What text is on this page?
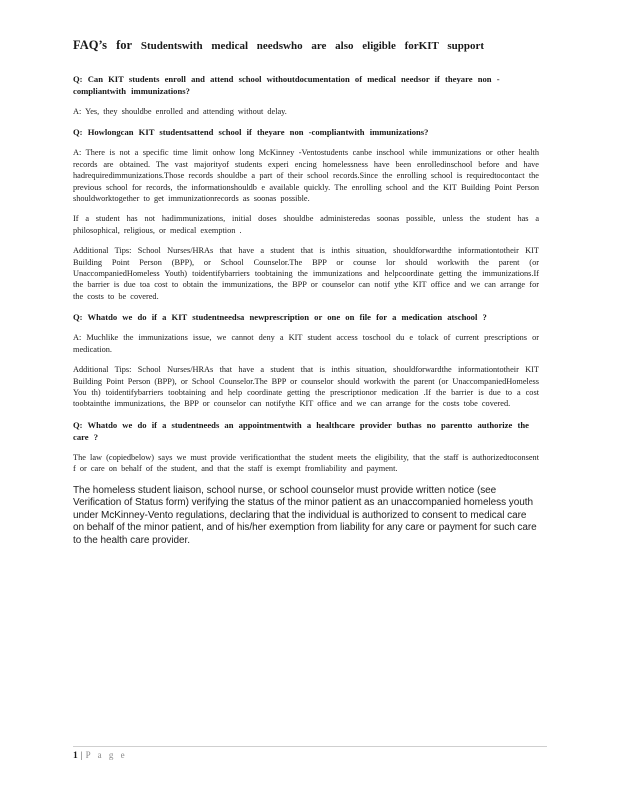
FAQ’s for Studentswith medical needswho are also eligible forKIT support
Q: Can KIT students enroll and attend school withoutdocumentation of medical needsor if theyare non - compliantwith immunizations?
A: Yes, they shouldbe enrolled and attending without delay.
Q: Howlongcan KIT studentsattend school if theyare non -compliantwith immunizations?
A: There is not a specific time limit onhow long McKinney -Ventostudents canbe inschool while immunizations or other health records are obtained. The vast majorityof students experi encing homelessness have been enrolledinschool before and have hadrequiredimmunizations.Those records shouldbe a part of their school records.Since the enrolling school is requiredtocontact the previous school for records, the informationshouldb e available quickly. The enrolling school and the KIT Building Point Person shouldworktogether to get immunizationrecords as soonas possible.
If a student has not hadimmunizations, initial doses shouldbe administeredas soonas possible, unless the student has a philosophical, religious, or medical exemption .
Additional Tips: School Nurses/HRAs that have a student that is inthis situation, shouldforwardthe informationtotheir KIT Building Point Person (BPP), or School Counselor.The BPP or counse lor should workwith the parent (or UnaccompaniedHomeless Youth) toidentifybarriers toobtaining the immunizations and helpcoordinate getting the immunizations.If the barrier is due toa cost to obtain the immunizations, the BPP or counselor can notif ythe KIT office and we can arrange for the costs to be covered.
Q: Whatdo we do if a KIT studentneedsa newprescription or one on file for a medication atschool ?
A: Muchlike the immunizations issue, we cannot deny a KIT student access toschool du e tolack of current prescriptions or medication.
Additional Tips: School Nurses/HRAs that have a student that is inthis situation, shouldforwardthe informationtotheir KIT Building Point Person (BPP), or School Counselor.The BPP or counselor should workwith the parent (or UnaccompaniedHomeless You th) toidentifybarriers toobtaining and help coordinate getting the prescriptionor medication .If the barrier is due to a cost toobtainthe immunizations, the BPP or counselor can notifythe KIT office and we can arrange for the costs tobe covered.
Q: Whatdo we do if a studentneeds an appointmentwith a healthcare provider buthas no parentto authorize the care ?
The law (copiedbelow) says we must provide verificationthat the student meets the eligibility, that the staff is authorizedtoconsent f or care on behalf of the student, and that the staff is exempt fromliability and payment.
The homeless student liaison, school nurse, or school counselor must provide written notice (see Verification of Status form) verifying the status of the minor patient as an unaccompanied homeless youth under McKinney-Vento regulations, declaring that the individual is authorized to consent to medical care on behalf of the minor patient, and of his/her exemption from liability for any care or payment for such care to the health care provider.
1 | P a g e
